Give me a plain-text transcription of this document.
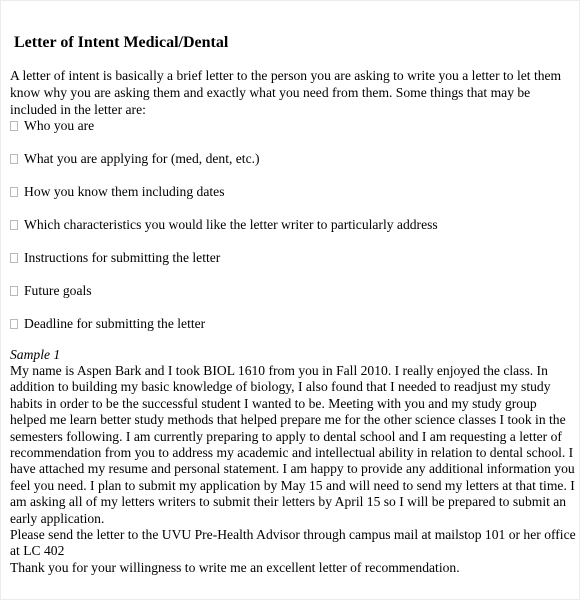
Letter of Intent Medical/Dental
A letter of intent is basically a brief letter to the person you are asking to write you a letter to let them know why you are asking them and exactly what you need from them. Some things that may be included in the letter are:
Who you are
What you are applying for (med, dent, etc.)
How you know them including dates
Which characteristics you would like the letter writer to particularly address
Instructions for submitting the letter
Future goals
Deadline for submitting the letter
Sample 1

My name is Aspen Bark and I took BIOL 1610 from you in Fall 2010. I really enjoyed the class. In addition to building my basic knowledge of biology, I also found that I needed to readjust my study habits in order to be the successful student I wanted to be. Meeting with you and my study group helped me learn better study methods that helped prepare me for the other science classes I took in the semesters following. I am currently preparing to apply to dental school and I am requesting a letter of recommendation from you to address my academic and intellectual ability in relation to dental school. I have attached my resume and personal statement. I am happy to provide any additional information you feel you need. I plan to submit my application by May 15 and will need to send my letters at that time. I am asking all of my letters writers to submit their letters by April 15 so I will be prepared to submit an early application.

Please send the letter to the UVU Pre-Health Advisor through campus mail at mailstop 101 or her office at LC 402

Thank you for your willingness to write me an excellent letter of recommendation.
